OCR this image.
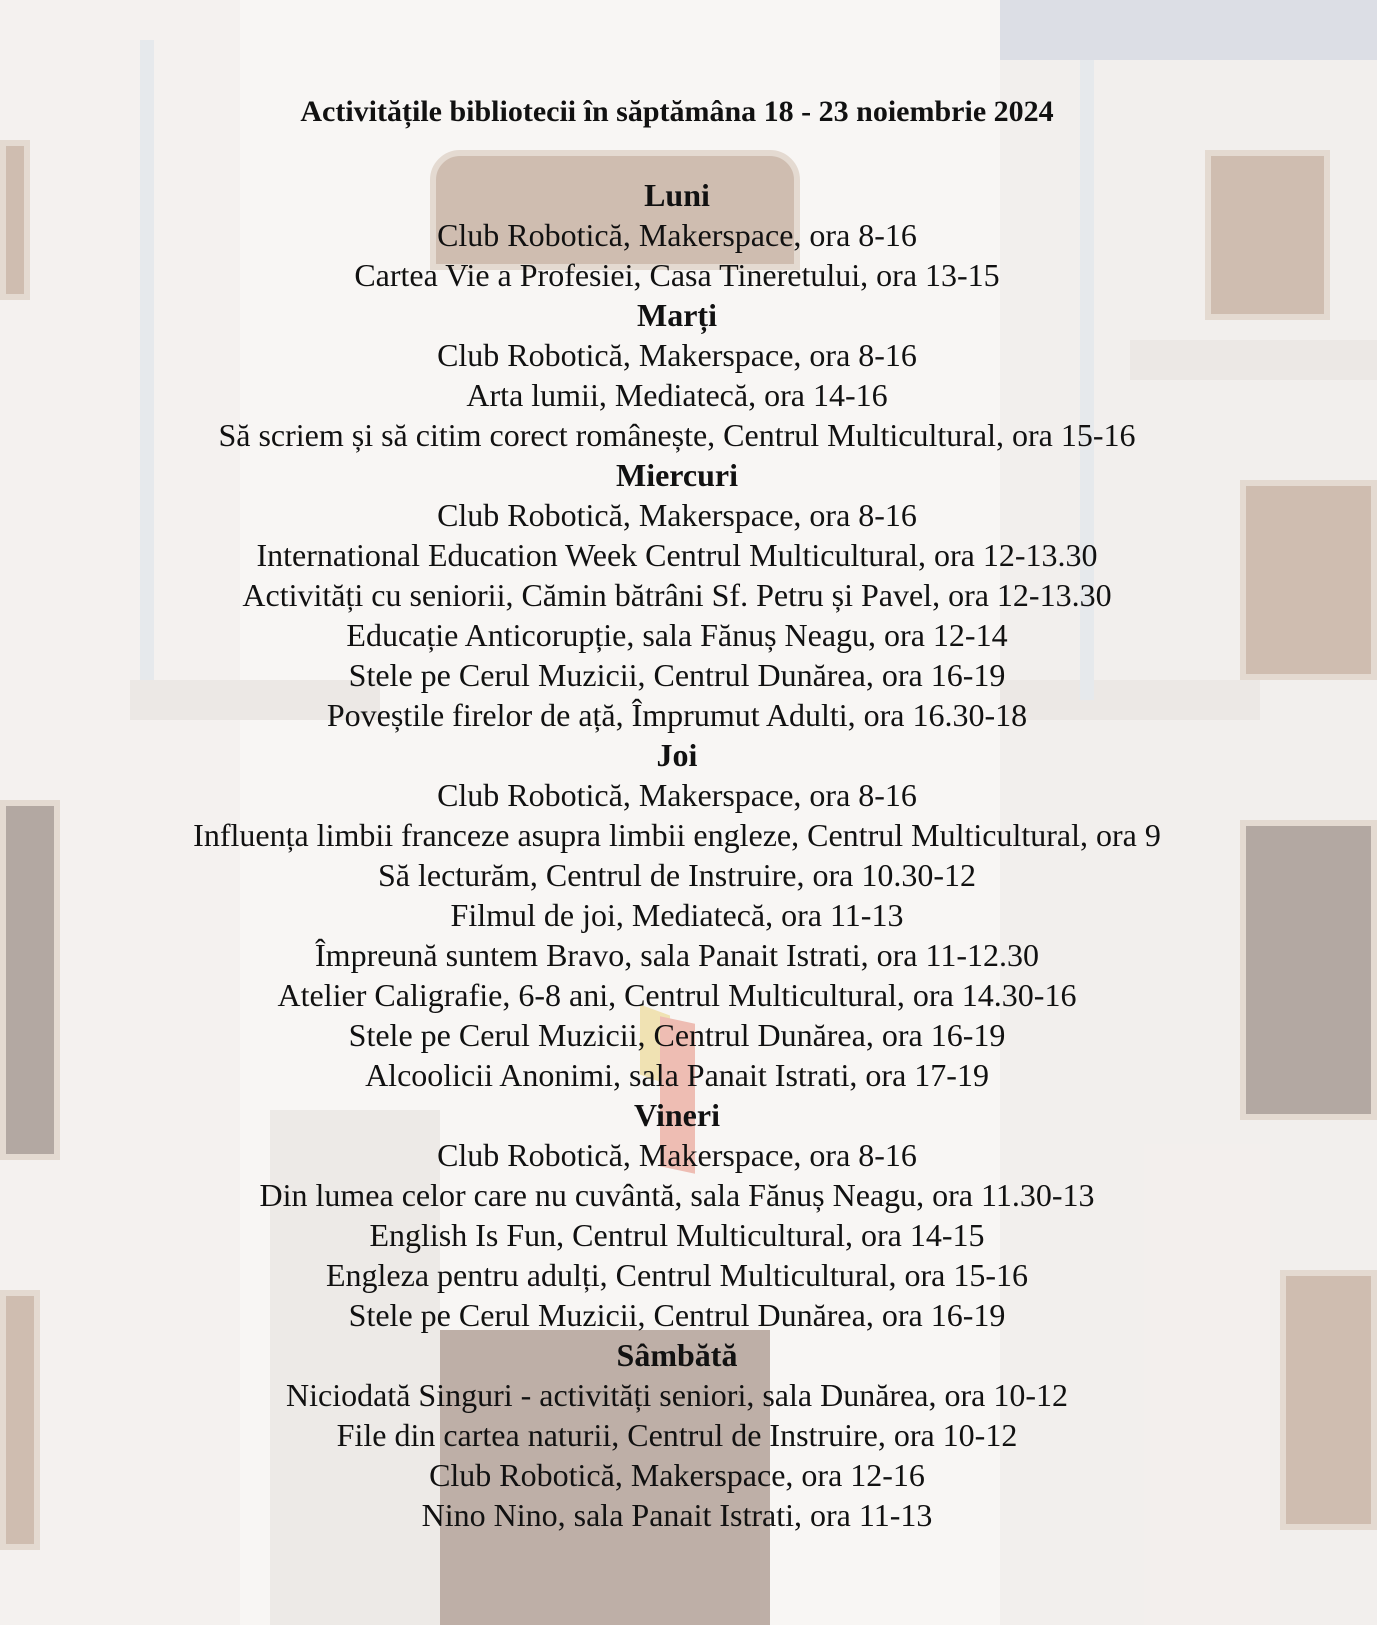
Activitățile bibliotecii în săptămâna 18 - 23 noiembrie 2024
Luni
Club Robotică, Makerspace, ora 8-16
Cartea Vie a Profesiei, Casa Tineretului, ora 13-15
Marți
Club Robotică, Makerspace, ora 8-16
Arta lumii, Mediatecă, ora 14-16
Să scriem și să citim corect românește, Centrul Multicultural, ora 15-16
Miercuri
Club Robotică, Makerspace, ora 8-16
International Education Week Centrul Multicultural, ora 12-13.30
Activități cu seniorii, Cămin bătrâni Sf. Petru și Pavel, ora 12-13.30
Educație Anticorupție, sala Fănuș Neagu, ora 12-14
Stele pe Cerul Muzicii, Centrul Dunărea, ora 16-19
Poveștile firelor de ață, Împrumut Adulti, ora 16.30-18
Joi
Club Robotică, Makerspace, ora 8-16
Influența limbii franceze asupra limbii engleze, Centrul Multicultural, ora 9
Să lecturăm, Centrul de Instruire, ora 10.30-12
Filmul de joi, Mediatecă, ora 11-13
Împreună suntem Bravo, sala Panait Istrati, ora 11-12.30
Atelier Caligrafie, 6-8 ani, Centrul Multicultural, ora 14.30-16
Stele pe Cerul Muzicii, Centrul Dunărea, ora 16-19
Alcoolicii Anonimi, sala Panait Istrati, ora 17-19
Vineri
Club Robotică, Makerspace, ora 8-16
Din lumea celor care nu cuvântă, sala Fănuș Neagu, ora 11.30-13
English Is Fun, Centrul Multicultural, ora 14-15
Engleza pentru adulți, Centrul Multicultural, ora 15-16
Stele pe Cerul Muzicii, Centrul Dunărea, ora 16-19
Sâmbătă
Niciodată Singuri - activități seniori, sala Dunărea, ora 10-12
File din cartea naturii, Centrul de Instruire, ora 10-12
Club Robotică, Makerspace, ora 12-16
Nino Nino, sala Panait Istrati, ora 11-13
